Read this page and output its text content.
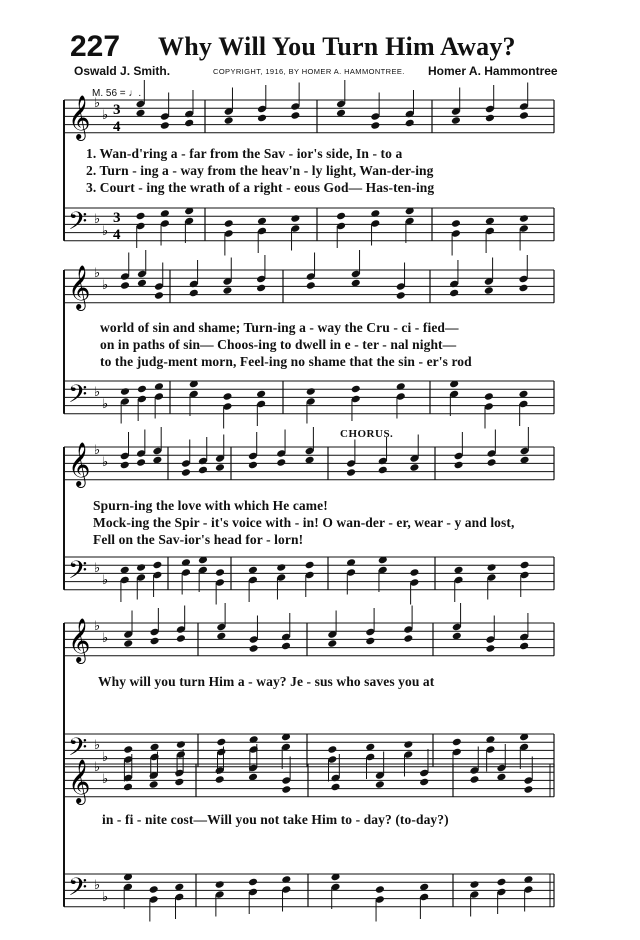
227 Why Will You Turn Him Away?
Oswald J. Smith.	COPYRIGHT, 1916, BY HOMER A. HAMMONTREE. Homer A. Hammontree
M. 56 = ♩.
𝄞
𝄢
♭
♭
♭
♭
3
4
3
4
𝄞
𝄢
♭
♭
♭
♭
𝄞
𝄢
♭
♭
♭
♭
𝄞
𝄢
♭
♭
♭
♭
𝄞
𝄢
♭
♭
♭
♭
1. Wan-d'ring a - far from the Sav - ior's side, In - to a
2. Turn - ing a - way from the heav'n - ly light, Wan-der-ing
3. Court - ing the wrath of a right - eous God— Has-ten-ing
world of sin and shame; Turn-ing a - way the Cru - ci - fied—
on in paths of sin— Choos-ing to dwell in e - ter - nal night—
to the judg-ment morn, Feel-ing no shame that the sin - er's rod
CHORUS.
Spurn-ing the love with which He came!
Mock-ing the Spir - it's voice with - in! O wan-der - er, wear - y and lost,
Fell on the Sav-ior's head for - lorn!
Why will you turn Him a - way? Je - sus who saves you at
in - fi - nite cost—Will you not take Him to - day? (to-day?)
